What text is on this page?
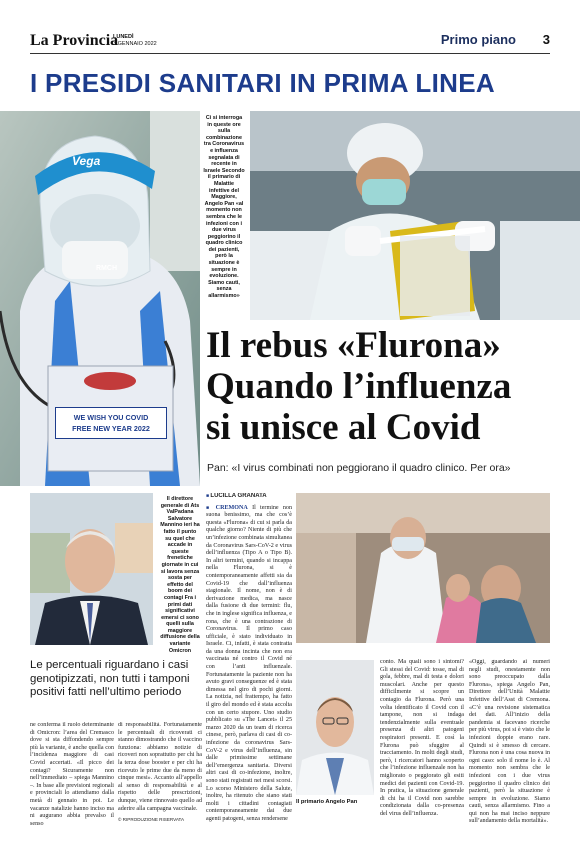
La Provincia
LUNEDÌ
3 GENNAIO 2022	Primo piano 3
I PRESIDI SANITARI IN PRIMA LINEA
Vega
RMCH
WE WISH YOU COVID
FREE NEW YEAR 2022
Ci si interroga in queste ore sulla combinazione tra Coronavirus e influenza segnalata di recente in Israele Secondo il primario di Malattie infettive del Maggiore, Angelo Pan «al momento non sembra che le infezioni con i due virus peggiorino il quadro clinico dei pazienti, però la situazione è sempre in evoluzione. Siamo cauti, senza allarmismo»
Il rebus «Flurona»
Quando l’influenza
si unisce al Covid
Pan: «I virus combinati non peggiorano il quadro clinico. Per ora»
Il direttore generale di Ats ValPadana Salvatore Mannino ieri ha fatto il punto su quel che accade in queste frenetiche giornate in cui si lavora senza sosta per effetto del boom dei contagi Fra i primi dati significativi emersi ci sono quelli sulla maggiore diffusione della variante Omicron
Le percentuali riguardano i casi genotipizzati, non tutti i tamponi positivi fatti nell’ultimo periodo
■ LUCILLA GRANATA
■ CREMONA Il termine non suona benissimo, ma che cos’è questa «Flurona» di cui si parla da qualche giorno? Niente di più che un’infezione combinata simultanea da Coronavirus Sars-CoV-2 e virus dell’influenza (Tipo A o Tipo B). In altri termini, quando si incappa nella Flurona, si è contemporaneamente affetti sia da Covid-19 che dall’influenza stagionale. Il nome, non è di derivazione medica, ma nasce dalla fusione di due termini: flu, che in inglese significa influenza, e rona, che è una contrazione di Coronavirus. Il primo caso ufficiale, è stato individuato in Israele. Ci, infatti, è stata contratta da una donna incinta che non era vaccinata né contro il Covid né con l’anti influenzale. Fortunatamente la paziente non ha avuto gravi conseguenze ed è stata dimessa nel giro di pochi giorni. La notizia, nel frattempo, ha fatto il giro del mondo ed è stata accolta con un certo stupore. Uno studio pubblicato su «The Lancet» il 25 marzo 2020 da un team di ricerca cinese, però, parlava di casi di co-infezione da coronavirus Sars-CoV-2 e virus dell’influenza, sin dalle primissime settimane dell’emergenza sanitaria. Diversi altri casi di co-infezione, inoltre, sono stati registrati nei mesi scorsi. Lo scorso Ministero della Salute, inoltre, ha ritenuto che siano stati molti i cittadini contagiati contemporaneamente dai due agenti patogeni, senza rendersene
Il primario Angelo Pan
conto. Ma quali sono i sintomi? Gli stessi del Covid: tosse, mal di gola, febbre, mal di testa e dolori muscolari. Anche per questo difficilmente si scopre un contagio da Flurona. Però una volta identificato il Covid con il tampone, non si indaga tendenzialmente sulla eventuale presenza di altri patogeni respiratori presenti. E così la Flurona può sfuggire al tracciamento. In molti degli studi, però, i ricercatori hanno scoperto che l’infezione influenzale non ha migliorato o peggiorato gli esiti medici dei pazienti con Covid-19. In pratica, la situazione generale di chi ha il Covid non sarebbe condizionata dalla co-presenza del virus dell’influenza.
«Oggi, guardando ai numeri negli studi, onestamente non sono preoccupato dalla Flurona», spiega Angelo Pan, Direttore dell’Unità Malattie Infettive dell’Asst di Cremona. «C’è una revisione sistematica dei dati. All’inizio della pandemia si facevano ricerche per più virus, poi si è visto che le infezioni doppie erano rare. Quindi si è smesso di cercare. Flurona non è una cosa nuova in ogni caso: solo il nome lo è. Al momento non sembra che le infezioni con i due virus peggiorino il quadro clinico dei pazienti, però la situazione è sempre in evoluzione. Siamo cauti, senza allarmismo. Fino a qui non ha mai inciso neppure sull’andamento della mortalità».
ne conferma il ruolo determinante di Omicron: l’area del Cremasco dove si sta diffondendo sempre più la variante, è anche quella con l’incidenza maggiore di casi Covid accertati. «Il picco dei contagi? Sicuramente non nell’immediato – spiega Mannino –. In base alle previsioni regionali e provinciali lo attendiamo dalla metà di gennaio in poi. Le vacanze natalizie hanno inciso ma ni augurano abbia prevalso il senso
di responsabilità. Fortunatamente le percentuali di ricoverati ci stanno dimostrando che il vaccino funziona: abbiamo notizie di ricoveri non soprattutto per chi ha la terza dose booster e per chi ha ricevuto le prime due da meno di cinque mesi». Accanto all’appello al senso di responsabilità e al rispetto delle prescrizioni, dunque, viene rinnovato quello ad aderire alla campagna vaccinale.
© RIPRODUZIONE RISERVATA
